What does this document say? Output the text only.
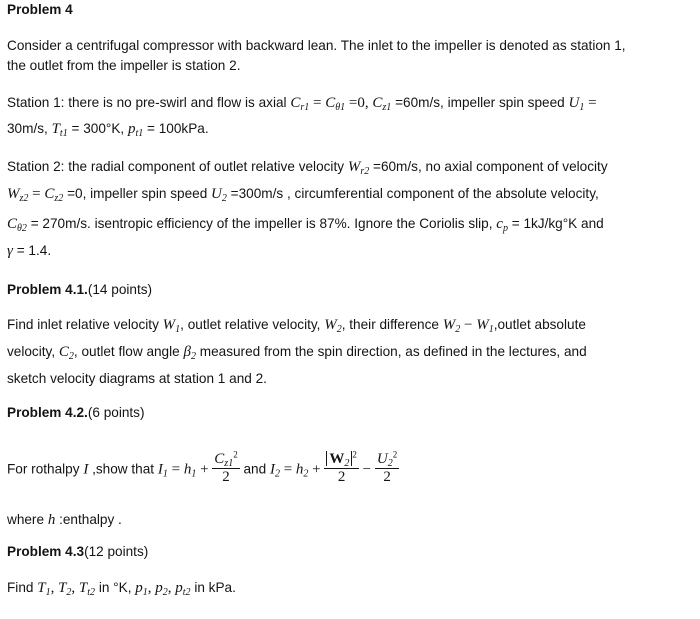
Problem 4
Consider a centrifugal compressor with backward lean. The inlet to the impeller is denoted as station 1,
the outlet from the impeller is station 2.
Station 1: there is no pre-swirl and flow is axial $C_{r1} = C_{\theta 1} =0$, $C_{z1} =60m/s$, impeller spin speed $U_1$ =
30m/s, $T_{t1} = 300^\circ K$, $p_{t1} = 100kPa$.
Station 2: the radial component of outlet relative velocity $W_{r2} =60m/s$, no axial component of velocity
$W_{z2} = C_{z2} =0$, impeller spin speed $U_2 =300m/s$ , circumferential component of the absolute velocity,
$C_{\theta 2} = 270m/s$. isentropic efficiency of the impeller is 87%. Ignore the Coriolis slip, $c_p = 1kJ/kg^\circ K$ and
γ = 1.4.
Problem 4.1.(14 points)
Find inlet relative velocity $W_1$, outlet relative velocity, $W_2$, their difference $W_2$ − $W_1,outlet$ absolute
velocity, $C_2$, outlet flow angle $\beta_2$ measured from the spin direction, as defined in the lectures, and
sketch velocity diagrams at station 1 and 2.
Problem 4.2.(6 points)
For rothalpy I ,show that $I_1 = h_1 + \frac{C_{z1}^2}{2}$ and $I_2 = h_2 + \frac{W_2^2}{2} - \frac{U_2^2}{2}$
where h :enthalpy .
Problem 4.3(12 points)
Find $T_1$, $T_2$, $T_{t2}$ in °K, $p_1$, $p_2$, $p_{t2}$ in kPa.
